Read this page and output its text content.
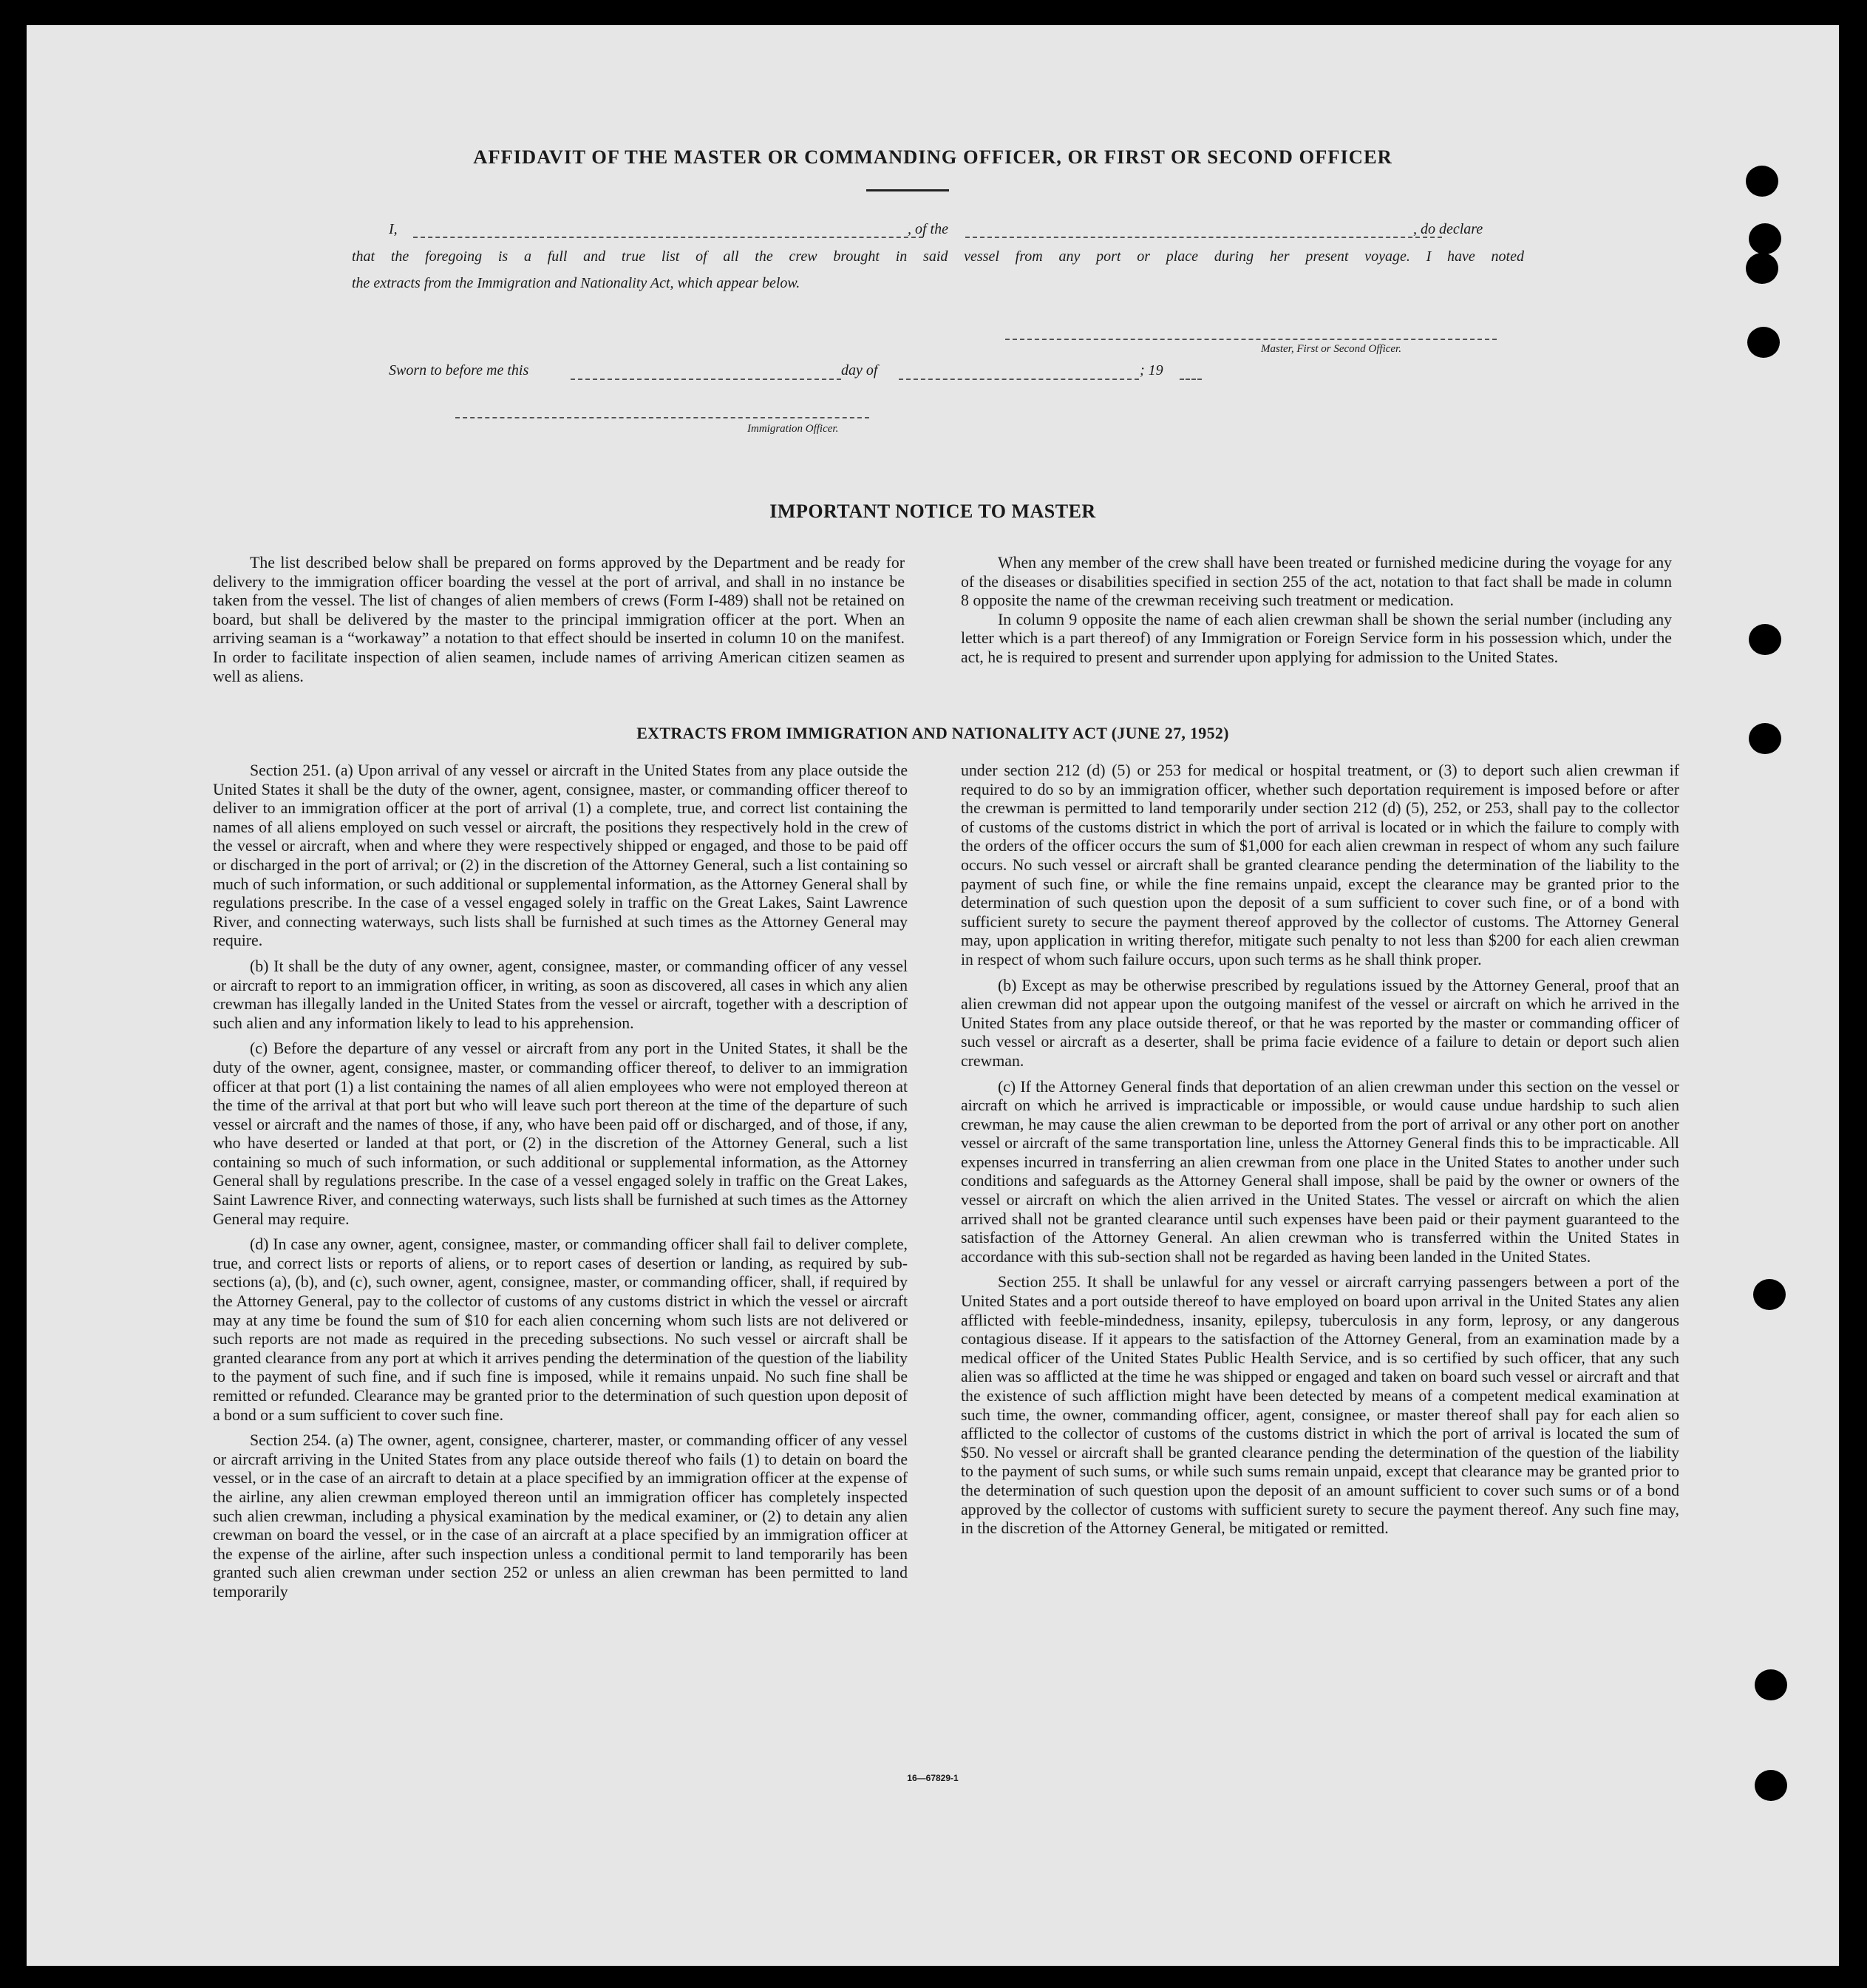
AFFIDAVIT OF THE MASTER OR COMMANDING OFFICER, OR FIRST OR SECOND OFFICER
I,	, of the	, do declare
that the foregoing is a full and true list of all the crew brought in said vessel from any port or place during her present voyage. I have noted
the extracts from the Immigration and Nationality Act, which appear below.
Master, First or Second Officer.
Sworn to before me this	day of	; 19
Immigration Officer.
IMPORTANT NOTICE TO MASTER

The list described below shall be prepared on forms approved by the Department and be ready for delivery to the immigration officer boarding the vessel at the port of arrival, and shall in no instance be taken from the vessel. The list of changes of alien members of crews (Form I-489) shall not be retained on board, but shall be delivered by the master to the principal immigration officer at the port. When an arriving seaman is a “workaway” a notation to that effect should be inserted in column 10 on the manifest. In order to facilitate inspection of alien seamen, include names of arriving American citizen seamen as well as aliens.

When any member of the crew shall have been treated or furnished medicine during the voyage for any of the diseases or disabilities specified in section 255 of the act, notation to that fact shall be made in column 8 opposite the name of the crewman receiving such treatment or medication.

In column 9 opposite the name of each alien crewman shall be shown the serial number (including any letter which is a part thereof) of any Immigration or Foreign Service form in his possession which, under the act, he is required to present and surrender upon applying for admission to the United States.

EXTRACTS FROM IMMIGRATION AND NATIONALITY ACT (JUNE 27, 1952)

Section 251. (a) Upon arrival of any vessel or aircraft in the United States from any place outside the United States it shall be the duty of the owner, agent, consignee, master, or commanding officer thereof to deliver to an immigration officer at the port of arrival (1) a complete, true, and correct list containing the names of all aliens employed on such vessel or aircraft, the positions they respectively hold in the crew of the vessel or aircraft, when and where they were respectively shipped or engaged, and those to be paid off or discharged in the port of arrival; or (2) in the discretion of the Attorney General, such a list containing so much of such information, or such additional or supplemental information, as the Attorney General shall by regulations prescribe. In the case of a vessel engaged solely in traffic on the Great Lakes, Saint Lawrence River, and connecting waterways, such lists shall be furnished at such times as the Attorney General may require.

(b) It shall be the duty of any owner, agent, consignee, master, or commanding officer of any vessel or aircraft to report to an immigration officer, in writing, as soon as discovered, all cases in which any alien crewman has illegally landed in the United States from the vessel or aircraft, together with a description of such alien and any information likely to lead to his apprehension.

(c) Before the departure of any vessel or aircraft from any port in the United States, it shall be the duty of the owner, agent, consignee, master, or commanding officer thereof, to deliver to an immigration officer at that port (1) a list containing the names of all alien employees who were not employed thereon at the time of the arrival at that port but who will leave such port thereon at the time of the departure of such vessel or aircraft and the names of those, if any, who have been paid off or discharged, and of those, if any, who have deserted or landed at that port, or (2) in the discretion of the Attorney General, such a list containing so much of such information, or such additional or supplemental information, as the Attorney General shall by regulations prescribe. In the case of a vessel engaged solely in traffic on the Great Lakes, Saint Lawrence River, and connecting waterways, such lists shall be furnished at such times as the Attorney General may require.

(d) In case any owner, agent, consignee, master, or commanding officer shall fail to deliver complete, true, and correct lists or reports of aliens, or to report cases of desertion or landing, as required by sub-sections (a), (b), and (c), such owner, agent, consignee, master, or commanding officer, shall, if required by the Attorney General, pay to the collector of customs of any customs district in which the vessel or aircraft may at any time be found the sum of $10 for each alien concerning whom such lists are not delivered or such reports are not made as required in the preceding subsections. No such vessel or aircraft shall be granted clearance from any port at which it arrives pending the determination of the question of the liability to the payment of such fine, and if such fine is imposed, while it remains unpaid. No such fine shall be remitted or refunded. Clearance may be granted prior to the determination of such question upon deposit of a bond or a sum sufficient to cover such fine.

Section 254. (a) The owner, agent, consignee, charterer, master, or commanding officer of any vessel or aircraft arriving in the United States from any place outside thereof who fails (1) to detain on board the vessel, or in the case of an aircraft to detain at a place specified by an immigration officer at the expense of the airline, any alien crewman employed thereon until an immigration officer has completely inspected such alien crewman, including a physical examination by the medical examiner, or (2) to detain any alien crewman on board the vessel, or in the case of an aircraft at a place specified by an immigration officer at the expense of the airline, after such inspection unless a conditional permit to land temporarily has been granted such alien crewman under section 252 or unless an alien crewman has been permitted to land temporarily

under section 212 (d) (5) or 253 for medical or hospital treatment, or (3) to deport such alien crewman if required to do so by an immigration officer, whether such deportation requirement is imposed before or after the crewman is permitted to land temporarily under section 212 (d) (5), 252, or 253, shall pay to the collector of customs of the customs district in which the port of arrival is located or in which the failure to comply with the orders of the officer occurs the sum of $1,000 for each alien crewman in respect of whom any such failure occurs. No such vessel or aircraft shall be granted clearance pending the determination of the liability to the payment of such fine, or while the fine remains unpaid, except the clearance may be granted prior to the determination of such question upon the deposit of a sum sufficient to cover such fine, or of a bond with sufficient surety to secure the payment thereof approved by the collector of customs. The Attorney General may, upon application in writing therefor, mitigate such penalty to not less than $200 for each alien crewman in respect of whom such failure occurs, upon such terms as he shall think proper.

(b) Except as may be otherwise prescribed by regulations issued by the Attorney General, proof that an alien crewman did not appear upon the outgoing manifest of the vessel or aircraft on which he arrived in the United States from any place outside thereof, or that he was reported by the master or commanding officer of such vessel or aircraft as a deserter, shall be prima facie evidence of a failure to detain or deport such alien crewman.

(c) If the Attorney General finds that deportation of an alien crewman under this section on the vessel or aircraft on which he arrived is impracticable or impossible, or would cause undue hardship to such alien crewman, he may cause the alien crewman to be deported from the port of arrival or any other port on another vessel or aircraft of the same transportation line, unless the Attorney General finds this to be impracticable. All expenses incurred in transferring an alien crewman from one place in the United States to another under such conditions and safeguards as the Attorney General shall impose, shall be paid by the owner or owners of the vessel or aircraft on which the alien arrived in the United States. The vessel or aircraft on which the alien arrived shall not be granted clearance until such expenses have been paid or their payment guaranteed to the satisfaction of the Attorney General. An alien crewman who is transferred within the United States in accordance with this sub-section shall not be regarded as having been landed in the United States.

Section 255. It shall be unlawful for any vessel or aircraft carrying passengers between a port of the United States and a port outside thereof to have employed on board upon arrival in the United States any alien afflicted with feeble-mindedness, insanity, epilepsy, tuberculosis in any form, leprosy, or any dangerous contagious disease. If it appears to the satisfaction of the Attorney General, from an examination made by a medical officer of the United States Public Health Service, and is so certified by such officer, that any such alien was so afflicted at the time he was shipped or engaged and taken on board such vessel or aircraft and that the existence of such affliction might have been detected by means of a competent medical examination at such time, the owner, commanding officer, agent, consignee, or master thereof shall pay for each alien so afflicted to the collector of customs of the customs district in which the port of arrival is located the sum of $50. No vessel or aircraft shall be granted clearance pending the determination of the question of the liability to the payment of such sums, or while such sums remain unpaid, except that clearance may be granted prior to the determination of such question upon the deposit of an amount sufficient to cover such sums or of a bond approved by the collector of customs with sufficient surety to secure the payment thereof. Any such fine may, in the discretion of the Attorney General, be mitigated or remitted.

16—67829-1
